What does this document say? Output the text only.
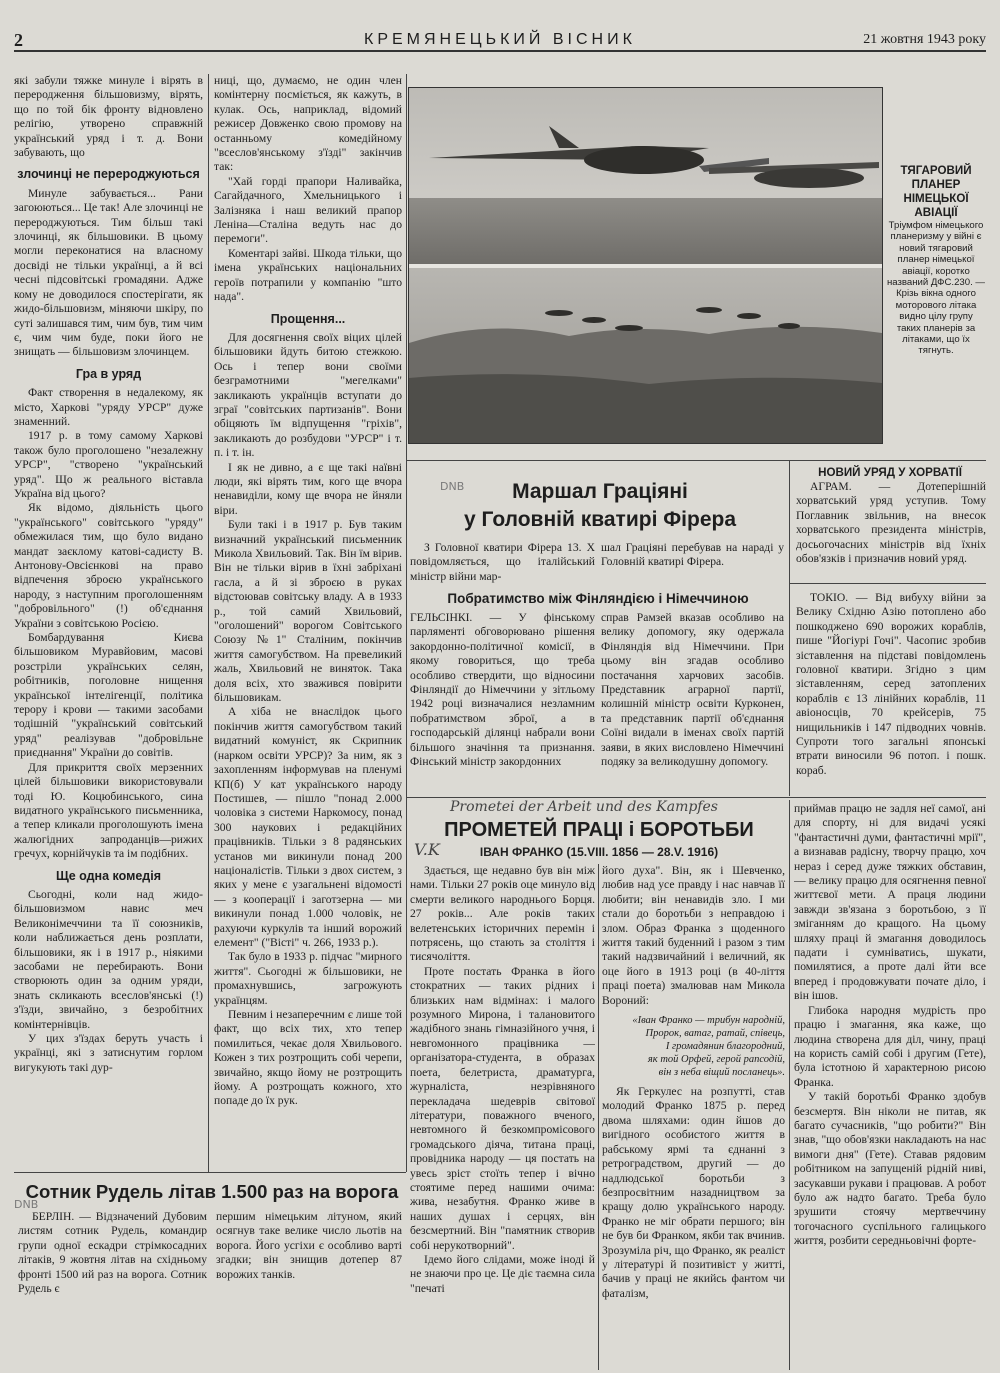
2	КРЕМЯНЕЦЬКИЙ ВІСНИК	21 жовтня 1943 року

які забули тяжке минуле і вірять в переродження більшовизму, вірять, що по той бік фронту відновлено релігію, утворено справжній український уряд і т. д. Вони забувають, що

злочинці не перероджуються

Минуле забувається... Рани загоюються... Це так! Але злочинці не перероджуються. Тим більш такі злочинці, як більшовики. В цьому могли переконатися на власному досвіді не тільки українці, а й всі чесні підсовітські громадяни. Адже кому не доводилося спостерігати, як жидо-більшовизм, міняючи шкіру, по суті залишався тим, чим був, тим чим є, чим чим буде, поки його не знищать — більшовизм злочинцем.

Гра в уряд

Факт створення в недалекому, як місто, Харкові "уряду УРСР" дуже знаменний.

1917 р. в тому самому Харкові також було проголошено "незалежну УРСР", "створено "український уряд". Що ж реального віставла Україна від цього?

Як відомо, діяльність цього "українського" совітського "уряду" обмежилася тим, що було видано мандат заєклому катові-садисту В. Антонову-Овсієнкові на право відпечення зброєю українського народу, з наступним проголошенням "добровільного" (!) об'єднання України з совітською Росією.

Бомбардування Києва більшовиком Муравйовим, масові розстріли українських селян, робітників, поголовне нищення української інтелігенції, політика терору і крови — такими засобами тодішній "український совітський уряд" реалізував "добровільне приєднання" України до совітів.

Для прикриття своїх мерзенних цілей більшовики використовували тоді Ю. Коцюбинського, сина видатного українського письменника, а тепер кликали проголошують імена жалюгідних запроданців—рижих гречух, корнійчуків та ім подібних.

Ще одна комедія

Сьогодні, коли над жидо-більшовизмом навис меч Великонімеччини та її союзників, коли наближається день розплати, більшовики, як і в 1917 р., ніякими засобами не перебирають. Вони створюють один за одним уряди, знать скликають всеслов'янські (!) з'їзди, звичайно, з безробітних комінтернівців.

У цих з'їздах беруть участь і українці, які з затиснутим горлом вигукують такі дур-

ниці, що, думаємо, не один член комінтерну посміється, як кажуть, в кулак. Ось, наприклад, відомий режисер Довженко свою промову на останньому комедійному "всеслов'янському з'їзді" закінчив так:

"Хай горді прапори Наливайка, Сагайдачного, Хмельницького і Залізняка і наш великий прапор Леніна—Сталіна ведуть нас до перемоги".

Коментарі зайві. Шкода тільки, що імена українських національних героїв потрапили у компанію "што нада".

Прощення...

Для досягнення своїх віцих цілей більшовики йдуть битою стежкою. Ось і тепер вони своїми безграмотними "мегелками" закликають українців вступати до зграї "совітських партизанів". Вони обіцяють їм відпущення "гріхів", закликають до розбудови "УРСР" і т. п. і т. ін.

І як не дивно, а є ще такі наївні люди, які вірять тим, кого ще вчора ненавиділи, кому ще вчора не йняли віри.

Були такі і в 1917 р. Був таким визначний український письменник Микола Хвильовий. Так. Він їм вірив. Він не тільки вірив в їхні забріхані гасла, а й зі зброєю в руках відстоював совітську владу. А в 1933 р., той самий Хвильовий, "оголошений" ворогом Совітського Союзу №1" Сталіним, покінчив життя самогубством. На превеликий жаль, Хвильовий не виняток. Така доля всіх, хто зважився повірити більшовикам.

А хіба не внаслідок цього покінчив життя самогубством такий видатний комуніст, як Скрипник (нарком освіти УРСР)? За ним, як з захопленням інформував на пленумі КП(б) У кат українського народу Постишев, — пішло "понад 2.000 чоловіка з системи Наркомосу, понад 300 наукових і редакційних працівників. Тільки з 8 радянських установ ми викинули понад 200 націоналістів. Тільки з двох систем, з яких у мене є узагальнені відомості — з кооперації і заготзерна — ми викинули понад 1.000 чоловік, не рахуючи куркулів та інший ворожий елемент" ("Вісті" ч. 266, 1933 р.).

Так було в 1933 р. підчас "мирного життя". Сьогодні ж більшовики, не промахнувшись, загрожують українцям.

Певним і незаперечним є лише той факт, що всіх тих, хто тепер помилиться, чекає доля Хвильового. Кожен з тих розтрощить собі черепи, звичайно, якщо йому не розтрощить йому. А розтрощать кожного, хто попаде до їх рук.

ТЯГАРОВИЙ ПЛАНЕР НІМЕЦЬКОЇ АВІАЦІЇ
Тріумфом німецького планеризму у війні є новий тягаровий планер німецької авіації, коротко названий ДФС.230. — Крізь вікна одного моторового літака видно цілу групу таких планерів за літаками, що їх тягнуть.
DNB	Маршал Граціяні
у Головній кватирі Фірера

З Головної кватири Фірера 13. Х повідомляється, що італійський міністр війни мар-

шал Граціяні перебував на нараді у Головній кватирі Фірера.

НОВИЙ УРЯД У ХОРВАТІЇ

АГРАМ. — Дотеперішній хорватський уряд уступив. Тому Поглавник звільнив, на внесок хорватського президента міністрів, досьогочасних міністрів від їхніх обов'язків і призначив новий уряд.

ТОКІО. — Від вибуху війни за Велику Східню Азію потоплено або пошкоджено 690 ворожих кораблів, пише "Йогіурі Гочі". Часопис зробив зіставлення на підставі повідомлень головної кватири. Згідно з цим зіставленням, серед затоплених кораблів є 13 лінійних кораблів, 11 авіоносців, 70 крейсерів, 75 нищильників і 147 підводних човнів. Супроти того загальні японські втрати виносили 96 потоп. і пошк. кораб.

Побратимство між Фінляндією і Німеччиною

ГЕЛЬСІНКІ. — У фінському парляменті обговорювано рішення закордонно-політичної комісії, в якому говориться, що треба особливо ствердити, що відносини Фінляндії до Німеччини у зітльому 1942 році визначалися незламним побратимством зброї, а в господарській ділянці набрали вони більшого значіння та признання. Фінський міністр закордонних

справ Рамзей вказав особливо на велику допомогу, яку одержала Фінляндія від Німеччини. При цьому він згадав особливо постачання харчових засобів. Представник аграрної партії, колишній міністр освіти Курконен, та представник партії об'єднання Соїні видали в іменах своїх партій заяви, в яких висловлено Німеччині подяку за великодушну допомогу.

Prometei der Arbeit und des Kampfes
V.K
ПРОМЕТЕЙ ПРАЦІ і БОРОТЬБИ
ІВАН ФРАНКО (15.VIII. 1856 — 28.V. 1916)

Здається, ще недавно був він між нами. Тільки 27 років оце минуло від смерти великого народнього Борця. 27 років... Але років таких велетенських історичних перемін і потрясень, що стають за століття і тисячоліття.

Проте постать Франка в його стократних — таких рідних і близьких нам відмінах: і малого розумного Мирона, і талановитого жадібного знань гімназійного учня, і невгомонного працівника — організатора-студента, в образах поета, белетриста, драматурга, журналіста, незрівняного перекладача шедеврів світової літератури, поважного вченого, невтомного й безкомпромісового громадського діяча, титана праці, провідника народу — ця постать на увесь зріст стоїть тепер і вічно стоятиме перед нашими очима: жива, незабутня. Франко живе в наших душах і серцях, він безсмертний. Він "памятник створив собі нерукотворний".

Ідемо його слідами, може іноді й не знаючи про це. Це діє таємна сила "печаті

його духа". Він, як і Шевченко, любив над усе правду і нас навчав її любити; він ненавидів зло. І ми стали до боротьби з неправдою і злом. Образ Франка з щоденного життя такий буденний і разом з тим такий надзвичайний і величний, як оце його в 1913 році (в 40-ліття праці поета) змалював нам Микола Вороний:

«Іван Франко — трибун народній,
Пророк, ватаг, ратай, співець,
І громадянин благородний,
як той Орфей, герой рапсодій,
він з неба віщий посланець».

Як Геркулес на розпутті, став молодий Франко 1875 р. перед двома шляхами: один йшов до вигідного особистого життя в рабському ярмі та єднанні з ретроградством, другий — до надлюдської боротьби з безпросвітним назадництвом за кращу долю українського народу. Франко не міг обрати першого; він не був би Франком, якби так вчинив. Зрозуміла річ, що Франко, як реаліст у літературі й позитивіст у житті, бачив у праці не якийсь фантом чи фаталізм,

приймав працю не задля неї самої, ані для спорту, ні для видачі усякі "фантастичні думи, фантастичні мрії", а визнавав радісну, творчу працю, хоч нераз і серед дуже тяжких обставин, — велику працю для осягнення певної життєвої мети. А праця людини завжди зв'язана з боротьбою, з її зміганням до кращого. На цьому шляху праці й змагання доводилось падати і сумніватись, шукати, помилятися, а проте далі йти все вперед і продовжувати почате діло, і він ішов.

Глибока народня мудрість про працю і змагання, яка каже, що людина створена для діл, чину, праці на користь самій собі і другим (Гете), була істотною й характерною рисою Франка.

У такій боротьбі Франко здобув безсмертя. Він ніколи не питав, як багато сучасників, "що робити?" Він знав, "що обов'язки накладають на нас вимоги дня" (Гете). Ставав рядовим робітником на запущеній рідній ниві, засукавши рукави і працював. А робот було аж надто багато. Треба було зрушити стоячу мертвеччину тогочасного суспільного галицького життя, розбити середньовічні форте-

DNB
Сотник Рудель літав 1.500 раз на ворога

БЕРЛІН. — Відзначений Дубовим листям сотник Рудель, командир групи одної ескадри стрімкосадних літаків, 9 жовтня літав на східньому фронті 1500 ий раз на ворога. Сотник Рудель є

першим німецьким літуном, який осягнув таке велике число льотів на ворога. Його усгіхи є особливо варті згадки; він знищив дотепер 87 ворожих танків.
